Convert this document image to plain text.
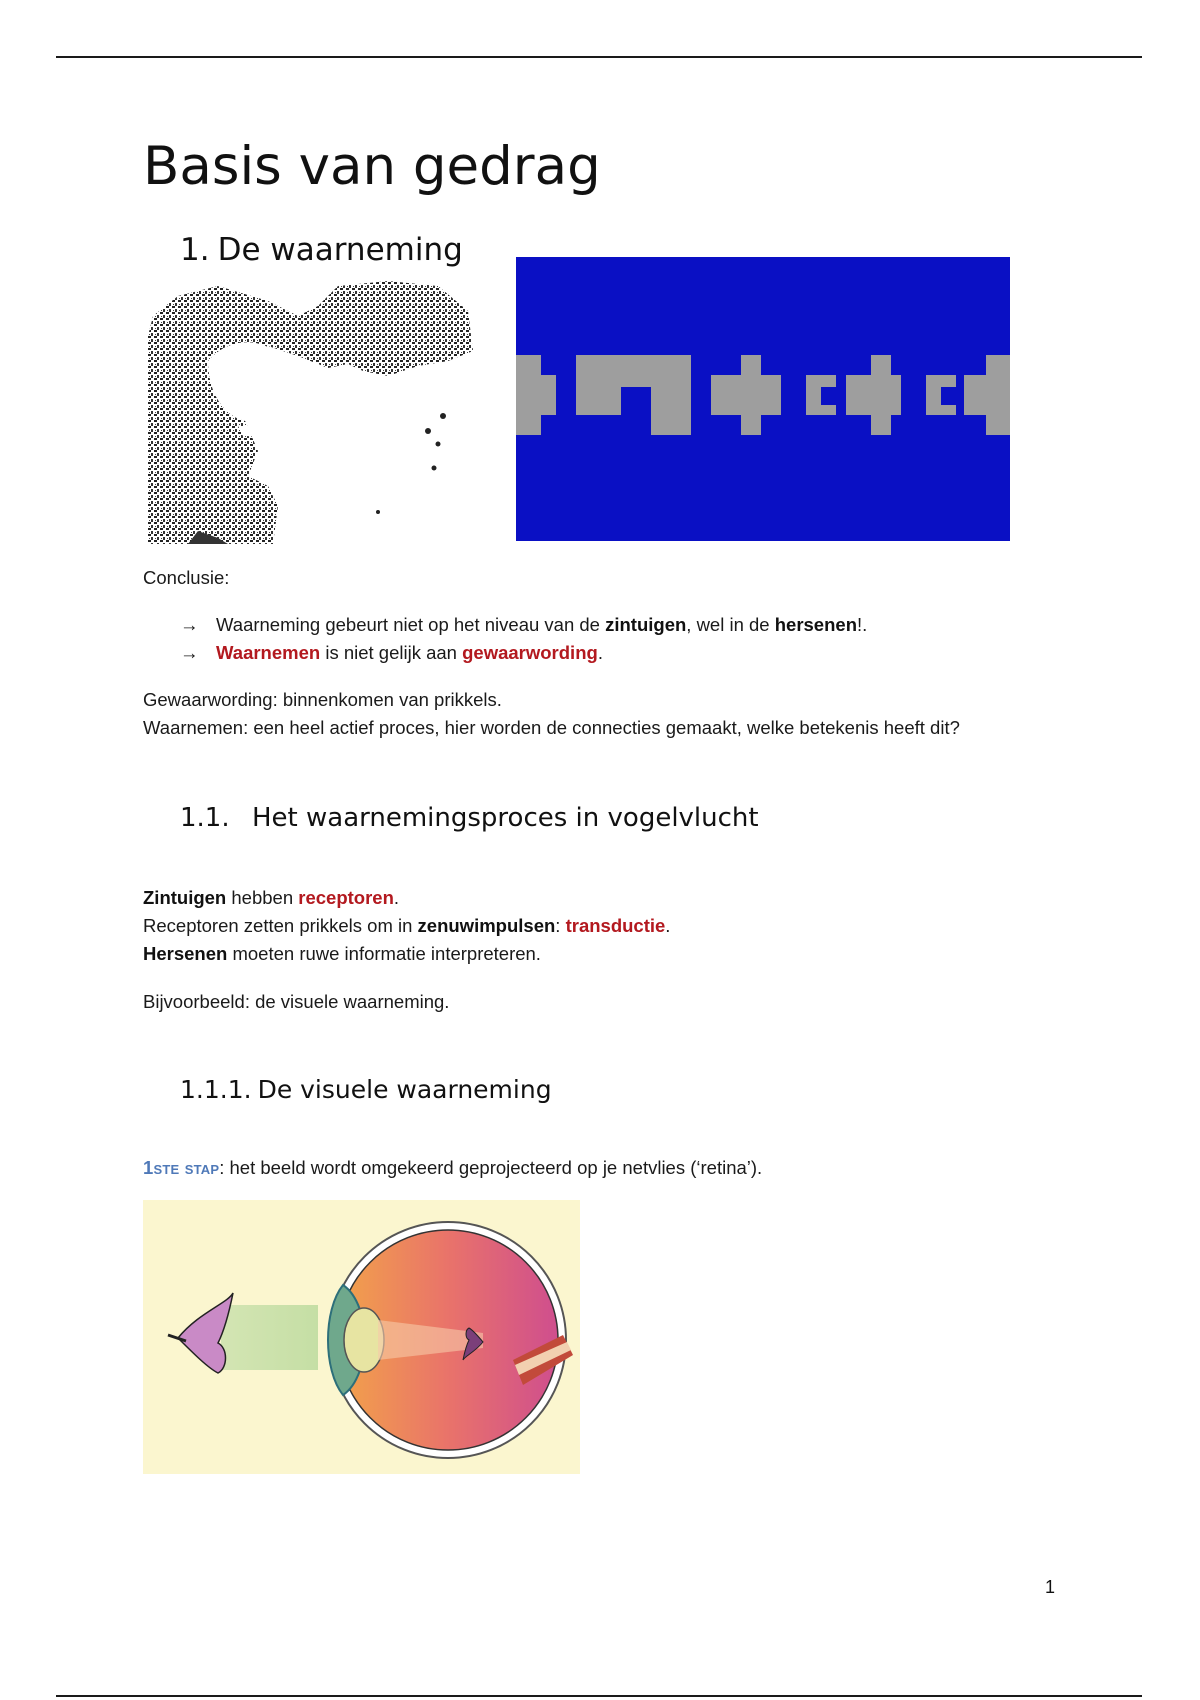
Basis van gedrag
1. De waarneming

Conclusie:

→ Waarneming gebeurt niet op het niveau van de zintuigen, wel in de hersenen!.
→ Waarnemen is niet gelijk aan gewaarwording.
Gewaarwording: binnenkomen van prikkels.
Waarnemen: een heel actief proces, hier worden de connecties gemaakt, welke betekenis heeft dit?
1.1. Het waarnemingsproces in vogelvlucht
Zintuigen hebben receptoren.
Receptoren zetten prikkels om in zenuwimpulsen: transductie.
Hersenen moeten ruwe informatie interpreteren.

Bijvoorbeeld: de visuele waarneming.

1.1.1. De visuele waarneming

1ste stap: het beeld wordt omgekeerd geprojecteerd op je netvlies (‘retina’).

1
